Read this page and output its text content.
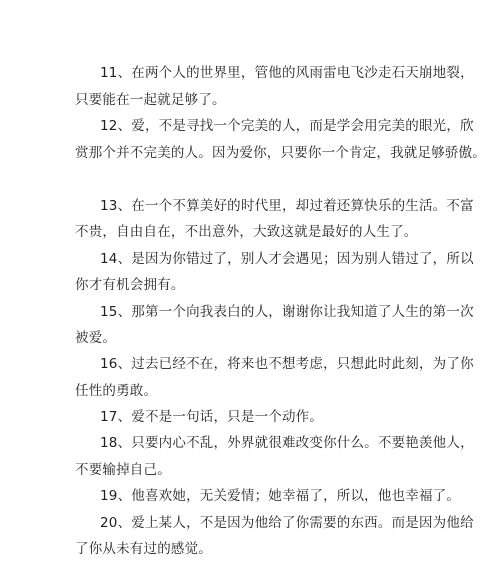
11、在两个人的世界里，管他的风雨雷电飞沙走石天崩地裂，
只要能在一起就足够了。
12、爱，不是寻找一个完美的人，而是学会用完美的眼光，欣
赏那个并不完美的人。因为爱你，只要你一个肯定，我就足够骄傲。
13、在一个不算美好的时代里，却过着还算快乐的生活。不富
不贵，自由自在，不出意外，大致这就是最好的人生了。
14、是因为你错过了，别人才会遇见；因为别人错过了，所以
你才有机会拥有。
15、那第一个向我表白的人，谢谢你让我知道了人生的第一次
被爱。
16、过去已经不在，将来也不想考虑，只想此时此刻，为了你
任性的勇敢。
17、爱不是一句话，只是一个动作。
18、只要内心不乱，外界就很难改变你什么。不要艳羡他人，
不要输掉自己。
19、他喜欢她，无关爱情；她幸福了，所以，他也幸福了。
20、爱上某人，不是因为他给了你需要的东西。而是因为他给
了你从未有过的感觉。
